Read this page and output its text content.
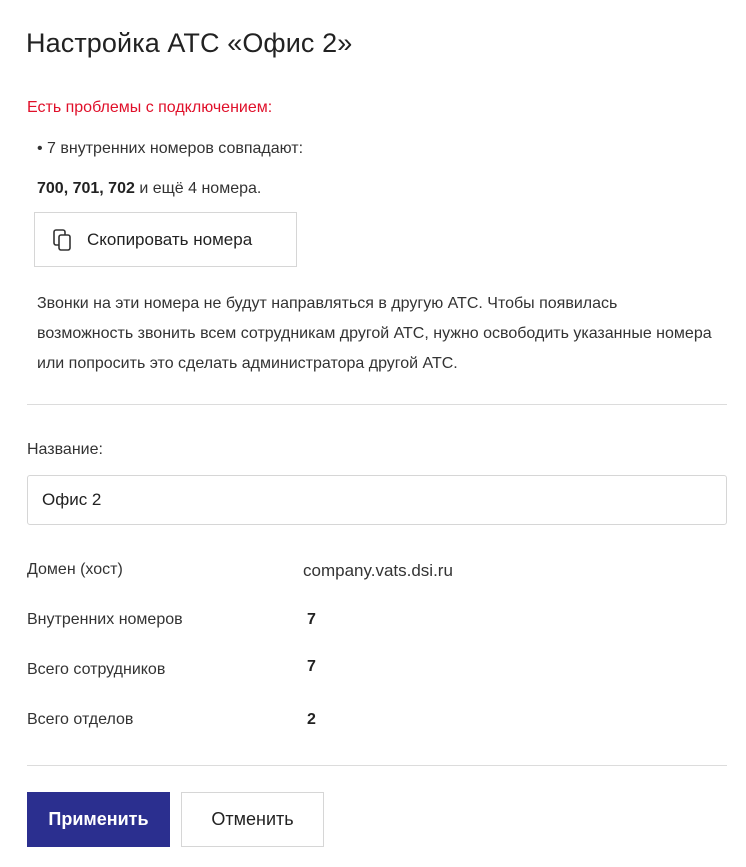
Настройка АТС «Офис 2»
Есть проблемы с подключением:
• 7 внутренних номеров совпадают:
700, 701, 702 и ещё 4 номера.
Скопировать номера

Звонки на эти номера не будут направляться в другую АТС. Чтобы появилась возможность звонить всем сотрудникам другой АТС, нужно освободить указанные номера или попросить это сделать администратора другой АТС.

Название:
Офис 2
Домен (хост)	company.vats.dsi.ru
Внутренних номеров	7
Всего сотрудников	7
Всего отделов	2
Применить	Отменить
